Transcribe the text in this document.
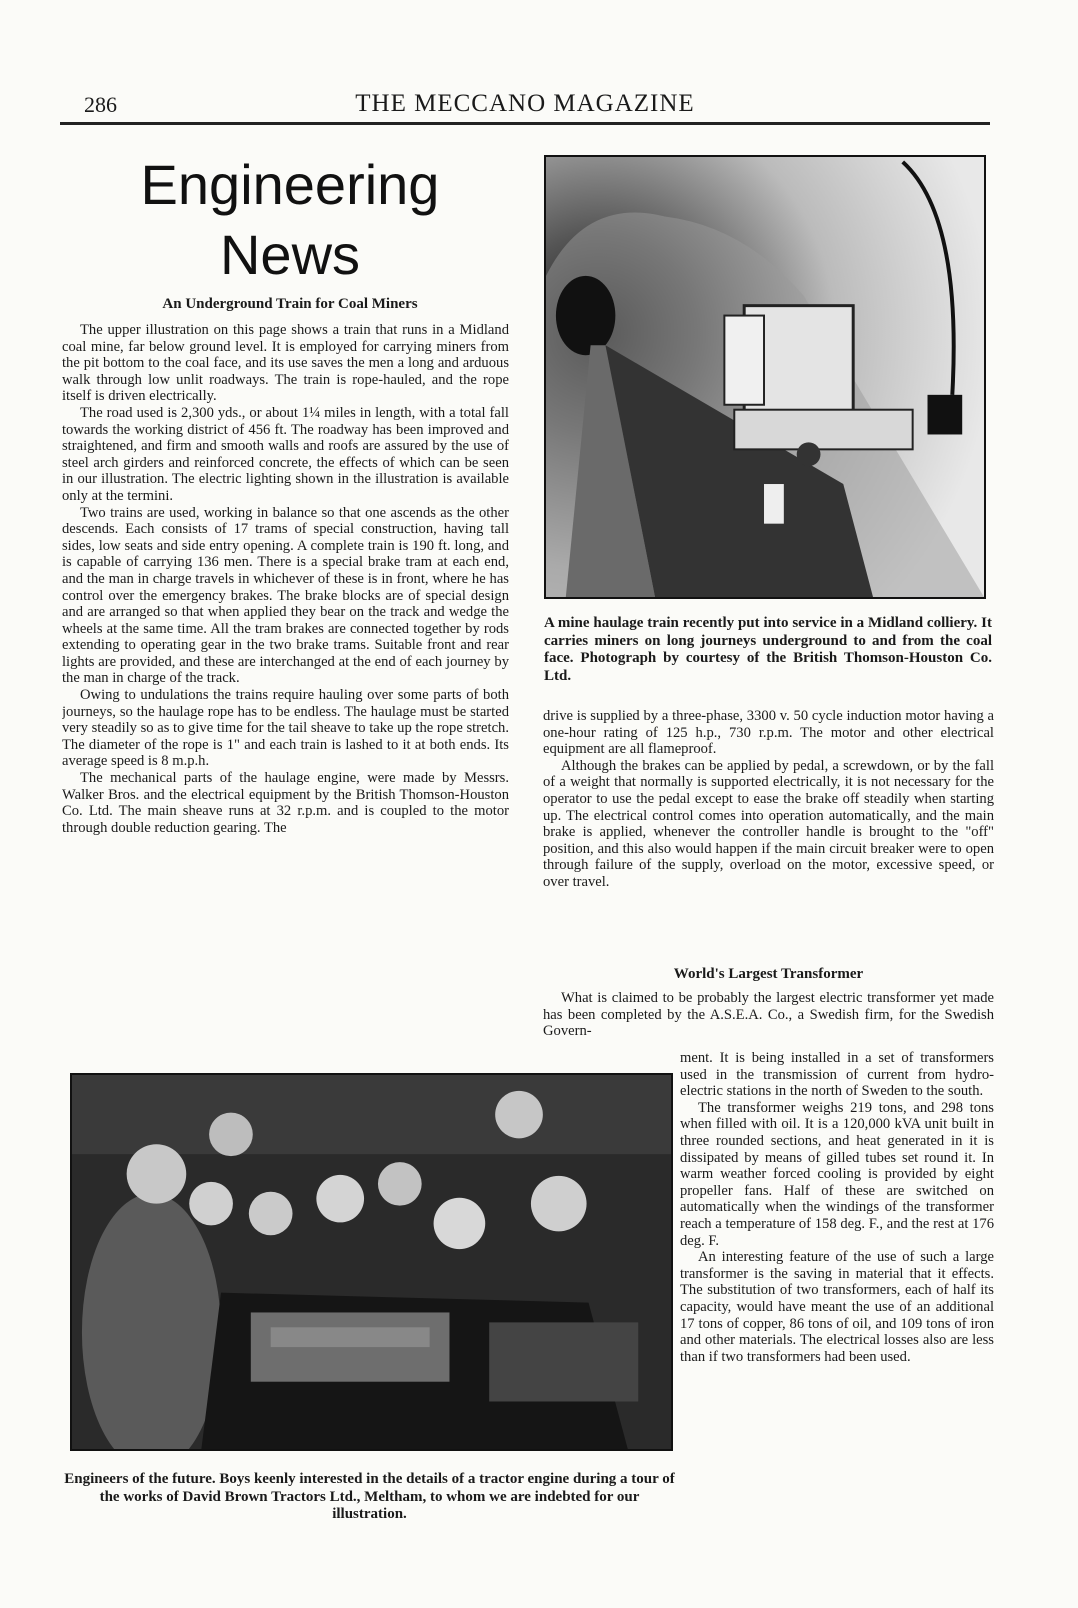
286	THE MECCANO MAGAZINE
Engineering
News
An Underground Train for Coal Miners

The upper illustration on this page shows a train that runs in a Midland coal mine, far below ground level. It is employed for carrying miners from the pit bottom to the coal face, and its use saves the men a long and arduous walk through low unlit roadways. The train is rope-hauled, and the rope itself is driven electrically.

The road used is 2,300 yds., or about 1¼ miles in length, with a total fall towards the working district of 456 ft. The roadway has been improved and straightened, and firm and smooth walls and roofs are assured by the use of steel arch girders and reinforced concrete, the effects of which can be seen in our illustration. The electric lighting shown in the illustration is available only at the termini.

Two trains are used, working in balance so that one ascends as the other descends. Each consists of 17 trams of special construction, having tall sides, low seats and side entry opening. A complete train is 190 ft. long, and is capable of carrying 136 men. There is a special brake tram at each end, and the man in charge travels in whichever of these is in front, where he has control over the emergency brakes. The brake blocks are of special design and are arranged so that when applied they bear on the track and wedge the wheels at the same time. All the tram brakes are connected together by rods extending to operating gear in the two brake trams. Suitable front and rear lights are provided, and these are interchanged at the end of each journey by the man in charge of the track.

Owing to undulations the trains require hauling over some parts of both journeys, so the haulage rope has to be endless. The haulage must be started very steadily so as to give time for the tail sheave to take up the rope stretch. The diameter of the rope is 1" and each train is lashed to it at both ends. Its average speed is 8 m.p.h.

The mechanical parts of the haulage engine, were made by Messrs. Walker Bros. and the electrical equipment by the British Thomson-Houston Co. Ltd. The main sheave runs at 32 r.p.m. and is coupled to the motor through double reduction gearing. The

A mine haulage train recently put into service in a Midland colliery. It carries miners on long journeys underground to and from the coal face. Photograph by courtesy of the British Thomson-Houston Co. Ltd.

drive is supplied by a three-phase, 3300 v. 50 cycle induction motor having a one-hour rating of 125 h.p., 730 r.p.m. The motor and other electrical equipment are all flameproof.

Although the brakes can be applied by pedal, a screwdown, or by the fall of a weight that normally is supported electrically, it is not necessary for the operator to use the pedal except to ease the brake off steadily when starting up. The electrical control comes into operation automatically, and the main brake is applied, whenever the controller handle is brought to the "off" position, and this also would happen if the main circuit breaker were to open through failure of the supply, overload on the motor, excessive speed, or over travel.

World's Largest Transformer

What is claimed to be probably the largest electric transformer yet made has been completed by the A.S.E.A. Co., a Swedish firm, for the Swedish Govern-

ment. It is being installed in a set of transformers used in the transmission of current from hydro-electric stations in the north of Sweden to the south.

The transformer weighs 219 tons, and 298 tons when filled with oil. It is a 120,000 kVA unit built in three rounded sections, and heat generated in it is dissipated by means of gilled tubes set round it. In warm weather forced cooling is provided by eight propeller fans. Half of these are switched on automatically when the windings of the transformer reach a temperature of 158 deg. F., and the rest at 176 deg. F.

An interesting feature of the use of such a large transformer is the saving in material that it effects. The substitution of two transformers, each of half its capacity, would have meant the use of an additional 17 tons of copper, 86 tons of oil, and 109 tons of iron and other materials. The electrical losses also are less than if two transformers had been used.

Engineers of the future. Boys keenly interested in the details of a tractor engine during a tour of the works of David Brown Tractors Ltd., Meltham, to whom we are indebted for our illustration.
